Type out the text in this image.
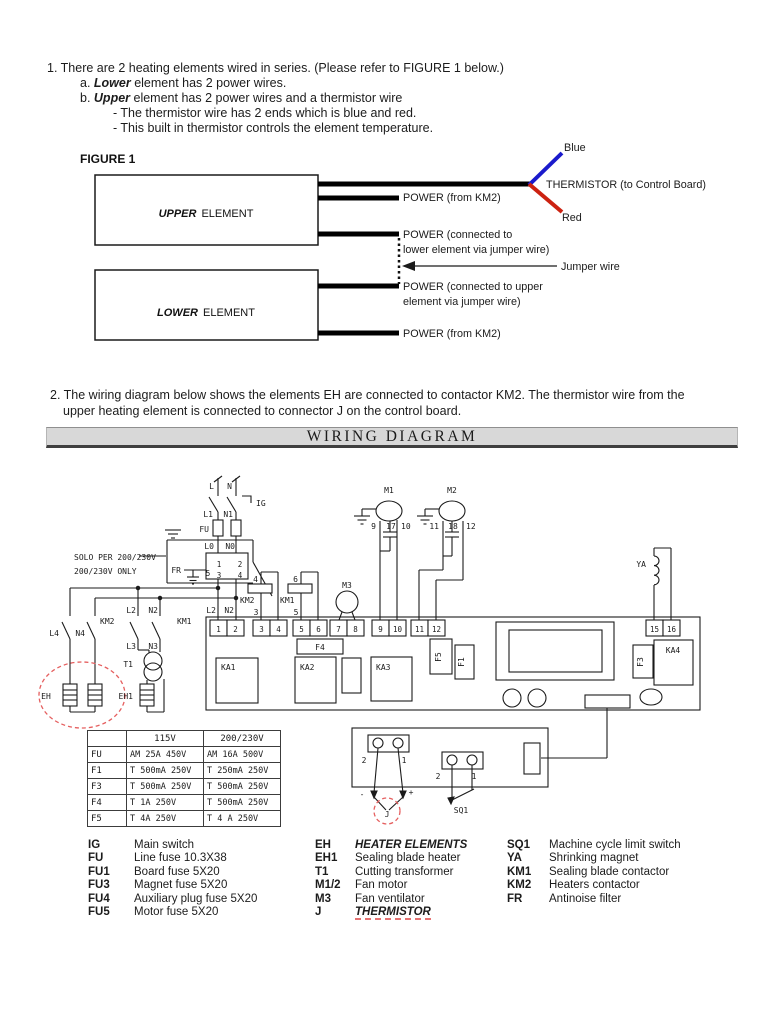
1. There are 2 heating elements wired in series. (Please refer to FIGURE 1 below.)
a. Lower element has 2 power wires.
b. Upper element has 2 power wires and a thermistor wire
- The thermistor wire has 2 ends which is blue and red.
- This built in thermistor controls the element temperature.
FIGURE 1
UPPER ELEMENT
LOWER ELEMENT
Blue
THERMISTOR (to Control Board)
Red
POWER (from KM2)
POWER (connected to
lower element via jumper wire)
POWER (connected to upper
element via jumper wire)
POWER (from KM2)
Jumper wire
2. The wiring diagram below shows the elements EH are connected to contactor KM2. The thermistor wire from the
upper heating element is connected to connector J on the control board.
WIRING DIAGRAM
L N
IG
L1 N1
FU
L0 N0
SOLO PER 200/230V
200/230V ONLY	FR
1 2
3 4
5
L4 N4
KM2
EH
L2 N2
KM1
L3 N3
T1
EH1
4
KM2
3
6
KM1
5
M3
M1
9 17 10
M2
11 18 12
1 2	3 4 5 6 7 8	9 10 11 12
L2 N2
F4
KA1	KA2	KA3
F5
F1	F3
KA4
YA
15 16
2	1
-	+
J
2	1
SQ1
	115V	200/230V
FU	AM 25A 450V	AM 16A 500V
F1	T 500mA 250V	T 250mA 250V
F3	T 500mA 250V	T 500mA 250V
F4	T 1A 250V	T 500mA 250V
F5	T 4A 250V	T 4 A 250V
IG	Main switch
FU	Line fuse 10.3X38
FU1 Board fuse 5X20
FU3 Magnet fuse 5X20
FU4 Auxiliary plug fuse 5X20
FU5 Motor fuse 5X20
EH HEATER ELEMENTS
EH1 Sealing blade heater
T1 Cutting transformer
M1/2 Fan motor
M3 Fan ventilator
J	THERMISTOR
SQ1 Machine cycle limit switch
YA Shrinking magnet
KM1 Sealing blade contactor
KM2 Heaters contactor
FR Antinoise filter
